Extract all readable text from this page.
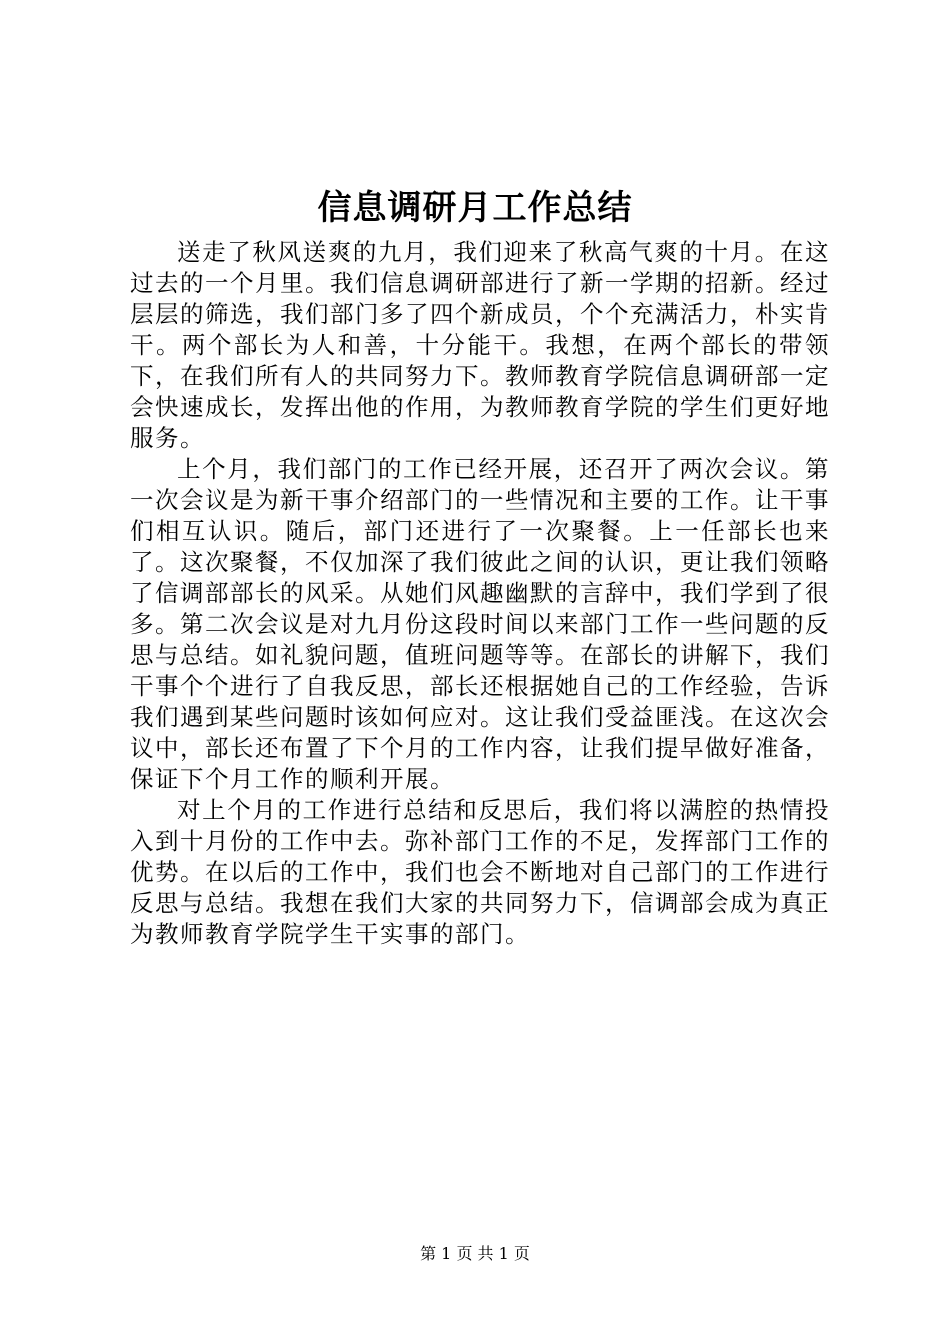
信息调研月工作总结

送走了秋风送爽的九月，我们迎来了秋高气爽的十月。在这过去的一个月里。我们信息调研部进行了新一学期的招新。经过层层的筛选，我们部门多了四个新成员，个个充满活力，朴实肯干。两个部长为人和善，十分能干。我想，在两个部长的带领下，在我们所有人的共同努力下。教师教育学院信息调研部一定会快速成长，发挥出他的作用，为教师教育学院的学生们更好地服务。

上个月，我们部门的工作已经开展，还召开了两次会议。第一次会议是为新干事介绍部门的一些情况和主要的工作。让干事们相互认识。随后，部门还进行了一次聚餐。上一任部长也来了。这次聚餐，不仅加深了我们彼此之间的认识，更让我们领略了信调部部长的风采。从她们风趣幽默的言辞中，我们学到了很多。第二次会议是对九月份这段时间以来部门工作一些问题的反思与总结。如礼貌问题，值班问题等等。在部长的讲解下，我们干事个个进行了自我反思，部长还根据她自己的工作经验，告诉我们遇到某些问题时该如何应对。这让我们受益匪浅。在这次会议中，部长还布置了下个月的工作内容，让我们提早做好准备，保证下个月工作的顺利开展。

对上个月的工作进行总结和反思后，我们将以满腔的热情投入到十月份的工作中去。弥补部门工作的不足，发挥部门工作的优势。在以后的工作中，我们也会不断地对自己部门的工作进行反思与总结。我想在我们大家的共同努力下，信调部会成为真正为教师教育学院学生干实事的部门。

第 1 页 共 1 页
